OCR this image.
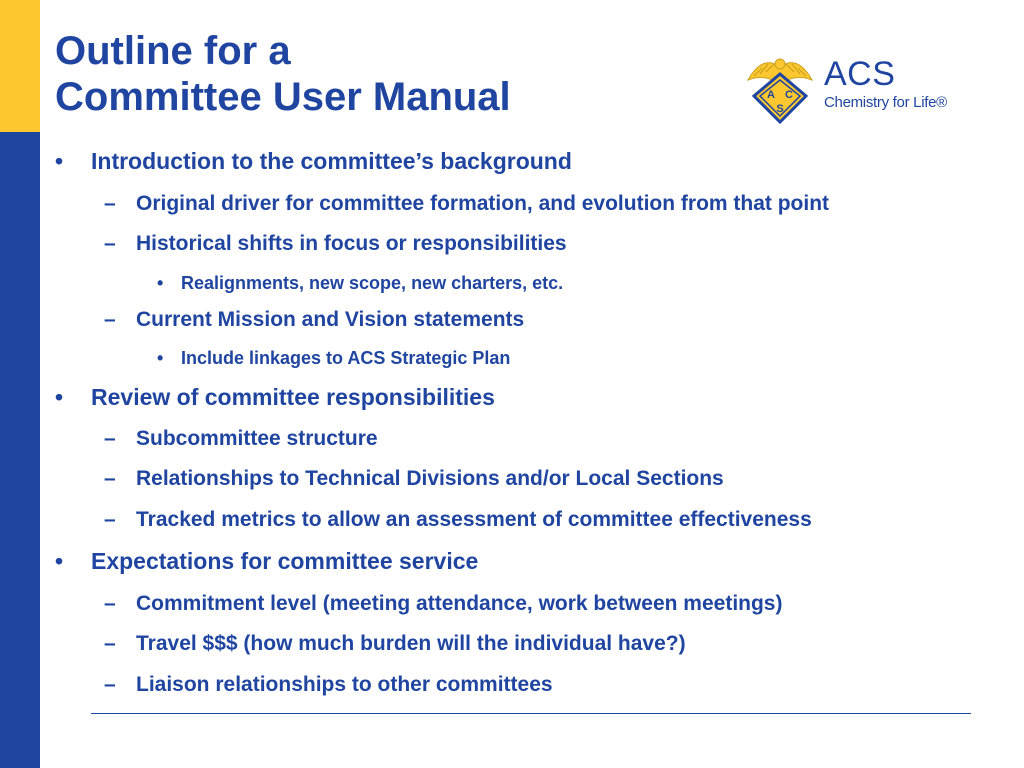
Outline for a
Committee User Manual	A C
S
ACS
Chemistry for Life®
• Introduction to the committee’s background
– Original driver for committee formation, and evolution from that point
– Historical shifts in focus or responsibilities
• Realignments, new scope, new charters, etc.
– Current Mission and Vision statements
• Include linkages to ACS Strategic Plan
• Review of committee responsibilities
– Subcommittee structure
– Relationships to Technical Divisions and/or Local Sections
– Tracked metrics to allow an assessment of committee effectiveness
• Expectations for committee service
– Commitment level (meeting attendance, work between meetings)
– Travel $$$ (how much burden will the individual have?)
– Liaison relationships to other committees
